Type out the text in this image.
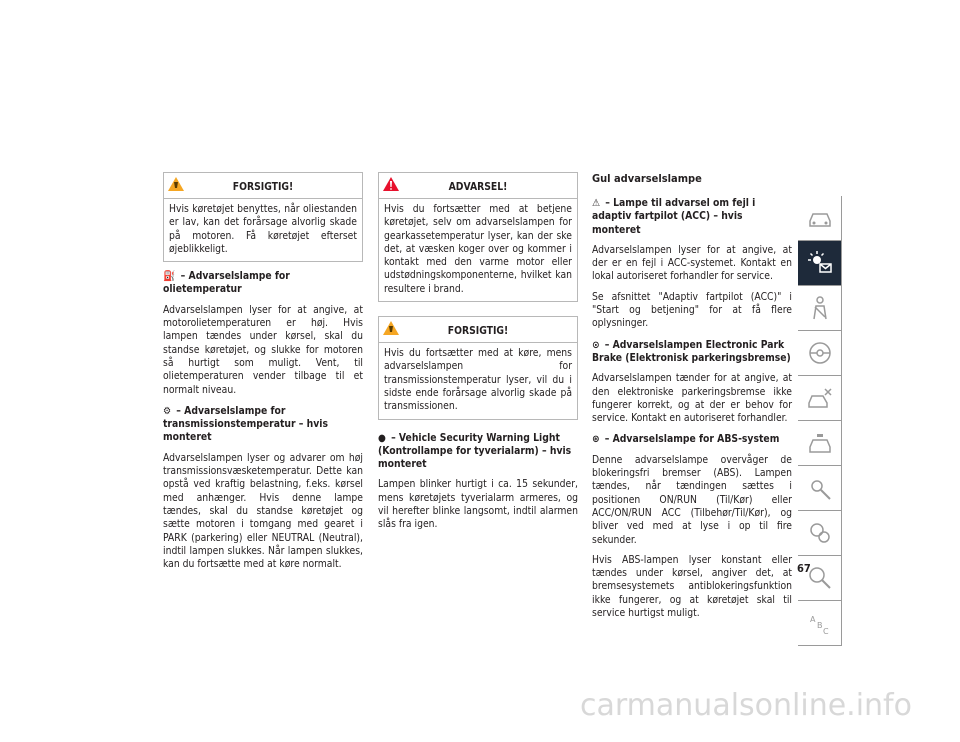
FORSIGTIG!
Hvis køretøjet benyttes, når oliestanden er lav, kan det forårsage alvorlig skade på motoren. Få køretøjet efterset øjeblikkeligt.
⛽ – Advarselslampe for olietemperatur

Advarselslampen lyser for at angive, at motorolietemperaturen er høj. Hvis lampen tændes under kørsel, skal du standse køretøjet, og slukke for motoren så hurtigt som muligt. Vent, til olietemperaturen vender tilbage til et normalt niveau.

⚙ – Advarselslampe for transmissionstemperatur – hvis monteret

Advarselslampen lyser og advarer om høj transmissionsvæsketemperatur. Dette kan opstå ved kraftig belastning, f.eks. kørsel med anhænger. Hvis denne lampe tændes, skal du standse køretøjet og sætte motoren i tomgang med gearet i PARK (parkering) eller NEUTRAL (Neutral), indtil lampen slukkes. Når lampen slukkes, kan du fortsætte med at køre normalt.

ADVARSEL!
Hvis du fortsætter med at betjene køretøjet, selv om advarselslampen for gearkassetemperatur lyser, kan der ske det, at væsken koger over og kommer i kontakt med den varme motor eller udstødningskomponenterne, hvilket kan resultere i brand.
FORSIGTIG!
Hvis du fortsætter med at køre, mens advarselslampen for transmissionstemperatur lyser, vil du i sidste ende forårsage alvorlig skade på transmissionen.
● – Vehicle Security Warning Light (Kontrollampe for tyverialarm) – hvis monteret

Lampen blinker hurtigt i ca. 15 sekunder, mens køretøjets tyverialarm armeres, og vil herefter blinke langsomt, indtil alarmen slås fra igen.

Gul advarselslampe
⚠ – Lampe til advarsel om fejl i adaptiv fartpilot (ACC) – hvis monteret

Advarselslampen lyser for at angive, at der er en fejl i ACC-systemet. Kontakt en lokal autoriseret forhandler for service.

Se afsnittet "Adaptiv fartpilot (ACC)" i "Start og betjening" for at få flere oplysninger.

⊙ – Advarselslampen Electronic Park Brake (Elektronisk parkeringsbremse)

Advarselslampen tænder for at angive, at den elektroniske parkeringsbremse ikke fungerer korrekt, og at der er behov for service. Kontakt en autoriseret forhandler.

⊛ – Advarselslampe for ABS-system

Denne advarselslampe overvåger de blokeringsfri bremser (ABS). Lampen tændes, når tændingen sættes i positionen ON/RUN (Til/Kør) eller ACC/ON/RUN ACC (Tilbehør/Til/Kør), og bliver ved med at lyse i op til fire sekunder.

Hvis ABS-lampen lyser konstant eller tændes under kørsel, angiver det, at bremsesystemets antiblokeringsfunktion ikke fungerer, og at køretøjet skal til service hurtigst muligt.

A
B
C
67
carmanualsonline.info
